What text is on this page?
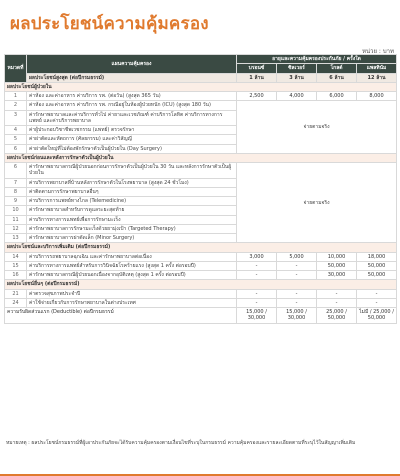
ผลประโยชน์ความคุ้มครอง
หน่วย : บาท
หมวดที่	แผนความคุ้มครอง	อายุและความคุ้มครองประกันภัย / ครั้งใด			
		บรอนซ์	ซิลเวอร์	โกลด์	แพลทินัม
	ผลประโยชน์สูงสุด (ต่อปีกรมธรรม์)	1 ล้าน	3 ล้าน	6 ล้าน	12 ล้าน
ผลประโยชน์ผู้ป่วยใน					
1	ค่าห้อง และค่าอาหาร ค่าบริการ รพ. (ต่อวัน) (สูงสุด 365 วัน)	2,500	4,000	6,000	8,000
2	ค่าห้อง และค่าอาหาร ค่าบริการ รพ. กรณีอยู่ในห้องผู้ป่วยหนัก (ICU) (สูงสุด 180 วัน)	จ่ายตามจริง			
3	ค่ารักษาพยาบาลและค่าบริการทั่วไป ค่ายาและเวชภัณฑ์ ค่าบริการโลหิต ค่าบริการทางการแพทย์ และค่าบริการพยาบาล				
4	ค่าผู้ประกอบวิชาชีพเวชกรรม (แพทย์) ตรวจรักษา				
5	ค่าผ่าตัดและหัตถการ (ศัลยกรรม) และค่าวิสัญญี				
6	ค่าผ่าตัดใหญ่ที่ไม่ต้องพักรักษาตัวเป็นผู้ป่วยใน (Day Surgery)				
ผลประโยชน์ก่อนและหลังการรักษาตัวเป็นผู้ป่วยใน					
6	ค่ารักษาพยาบาลกรณีผู้ป่วยนอกก่อนการรักษาตัวเป็นผู้ป่วยใน 30 วัน และหลังการรักษาตัวเป็นผู้ป่วยใน	จ่ายตามจริง			
7	ค่าบริการพยาบาลที่บ้านหลังการรักษาตัวในโรงพยาบาล (สูงสุด 24 ชั่วโมง)				
8	ค่าติดตามการรักษาพยาบาลอื่นๆ				
9	ค่าบริการการแพทย์ทางไกล (Telemedicine)				
10	ค่ารักษาพยาบาลสำหรับการดูแลระยะสุดท้าย				
11	ค่าบริการทางการแพทย์เพื่อการรักษามะเร็ง				
12	ค่ารักษาพยาบาลการรักษามะเร็งด้วยยามุ่งเป้า (Targeted Therapy)				
13	ค่ารักษาพยาบาลการผ่าตัดเล็ก (Minor Surgery)				
ผลประโยชน์และบริการเพิ่มเติม (ต่อปีกรมธรรม์)					
14	ค่าบริการรถพยาบาลฉุกเฉิน และค่ารักษาพยาบาลต่อเนื่อง	3,000	5,000	10,000	18,000
15	ค่าบริการทางการแพทย์สำหรับการวินิจฉัยโรคร้ายแรง (สูงสุด 1 ครั้ง ต่อรอบปี)	-	-	50,000	50,000
16	ค่ารักษาพยาบาลกรณีผู้ป่วยนอกเนื่องจากอุบัติเหตุ (สูงสุด 1 ครั้ง ต่อรอบปี)	-	-	30,000	50,000
ผลประโยชน์อื่นๆ (ต่อปีกรมธรรม์)					
21	ค่าตรวจสุขภาพประจำปี	-	-	-	-
24	ค่าใช้จ่ายเกี่ยวกับการรักษาพยาบาลในต่างประเทศ	-	-	-	-
ความรับผิดส่วนแรก (Deductible) ต่อปีกรมธรรม์		15,000 / 30,000	15,000 / 30,000	25,000 / 50,000	ไม่มี / 25,000 / 50,000
หมายเหตุ : ผลประโยชน์กรมธรรม์ที่ผู้เอาประกันภัยจะได้รับความคุ้มครองตามเงื่อนไขที่ระบุในกรมธรรม์ ความคุ้มครองและรายละเอียดตามที่ระบุไว้ในสัญญาเพิ่มเติม
